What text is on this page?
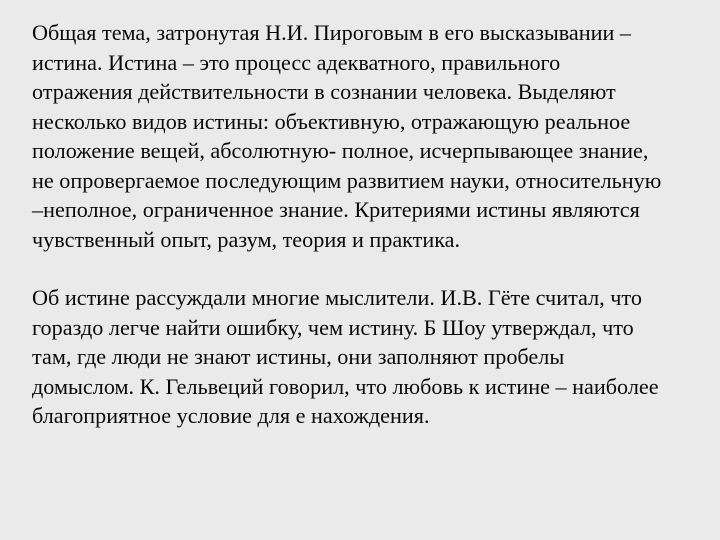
Общая тема, затронутая Н.И. Пироговым в его высказывании –
истина. Истина – это процесс адекватного, правильного
отражения действительности в сознании человека. Выделяют
несколько видов истины: объективную, отражающую реальное
положение вещей, абсолютную- полное, исчерпывающее знание,
не опровергаемое последующим развитием науки, относительную
–неполное, ограниченное знание. Критериями истины являются
чувственный опыт, разум, теория и практика.

Об истине рассуждали многие мыслители. И.В. Гёте считал, что
гораздо легче найти ошибку, чем истину. Б Шоу утверждал, что
там, где люди не знают истины, они заполняют пробелы
домыслом. К. Гельвеций говорил, что любовь к истине – наиболее
благоприятное условие для е нахождения.
